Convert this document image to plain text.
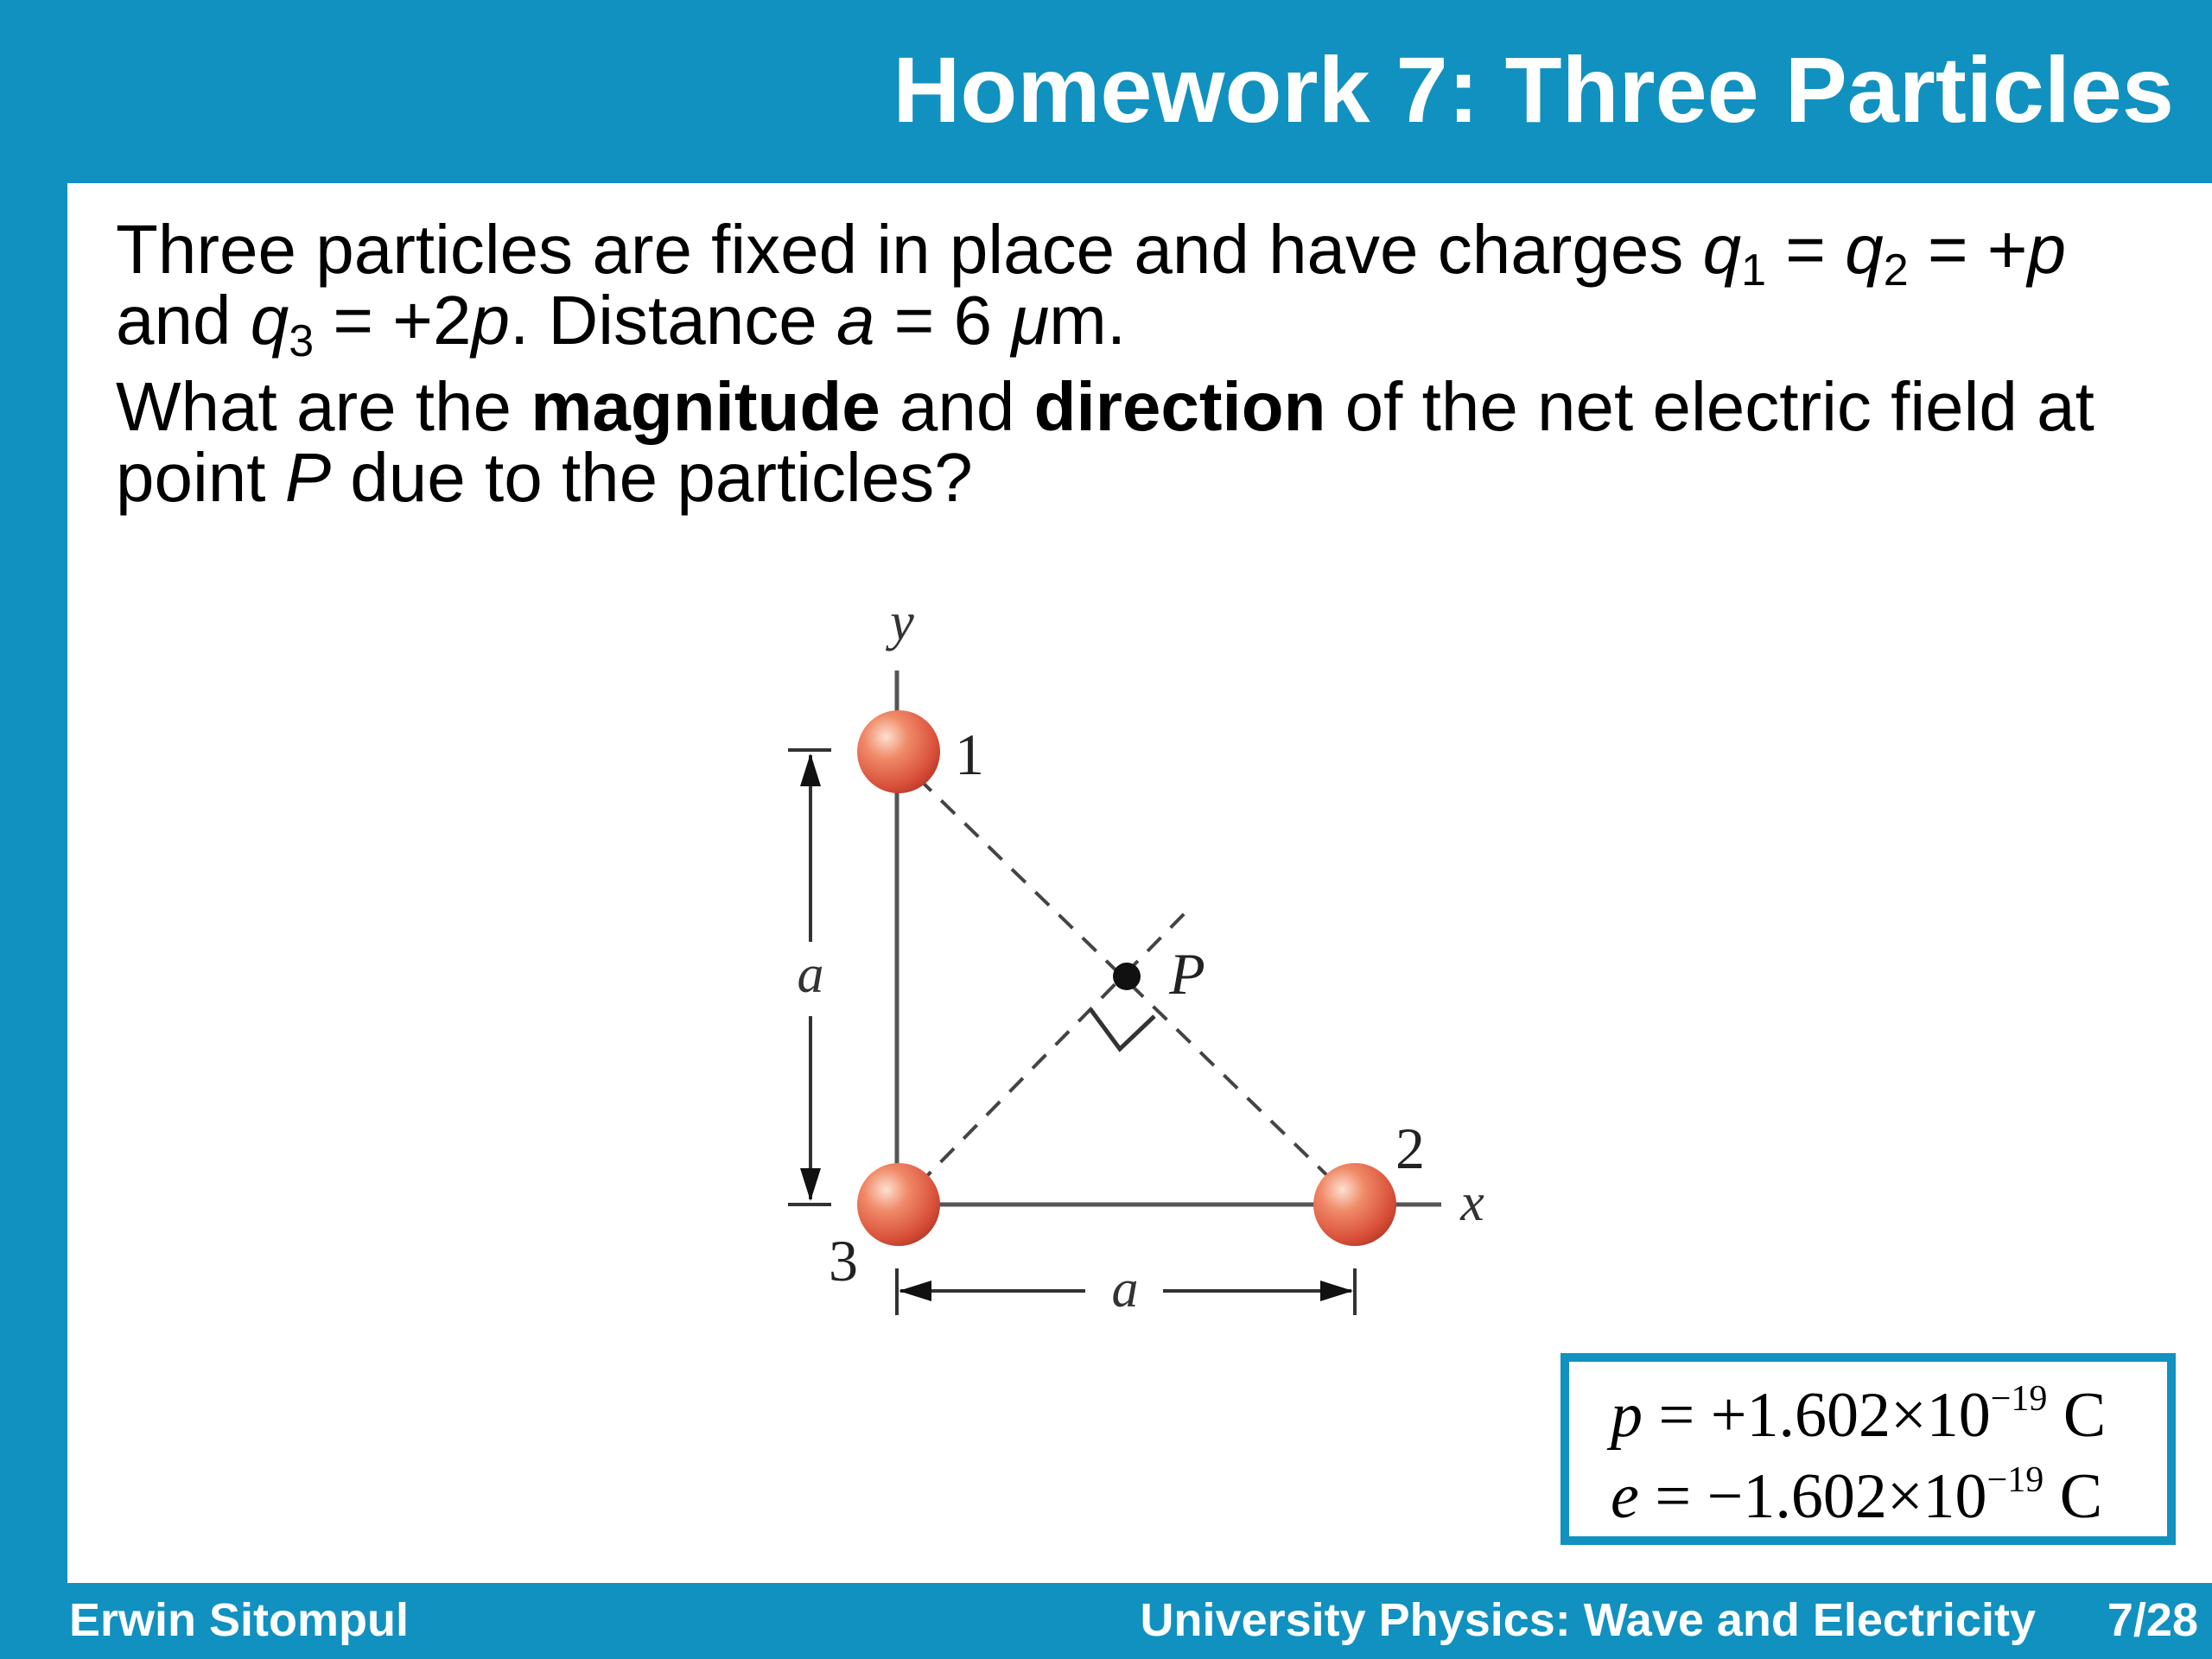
Homework 7: Three Particles
Three particles are fixed in place and have charges $q_1 = q_2 = +p$ and $q_3 = +2p$. Distance a = 6 μm.
What are the magnitude and direction of the net electric field at point P due to the particles?
y
x
1
2
3
P
a
a
$p = +1.602\times 10^{-19}$ C
$e = -1.602\times 10^{-19}$ C
Erwin Sitompul	University Physics: Wave and Electricity 7/28
